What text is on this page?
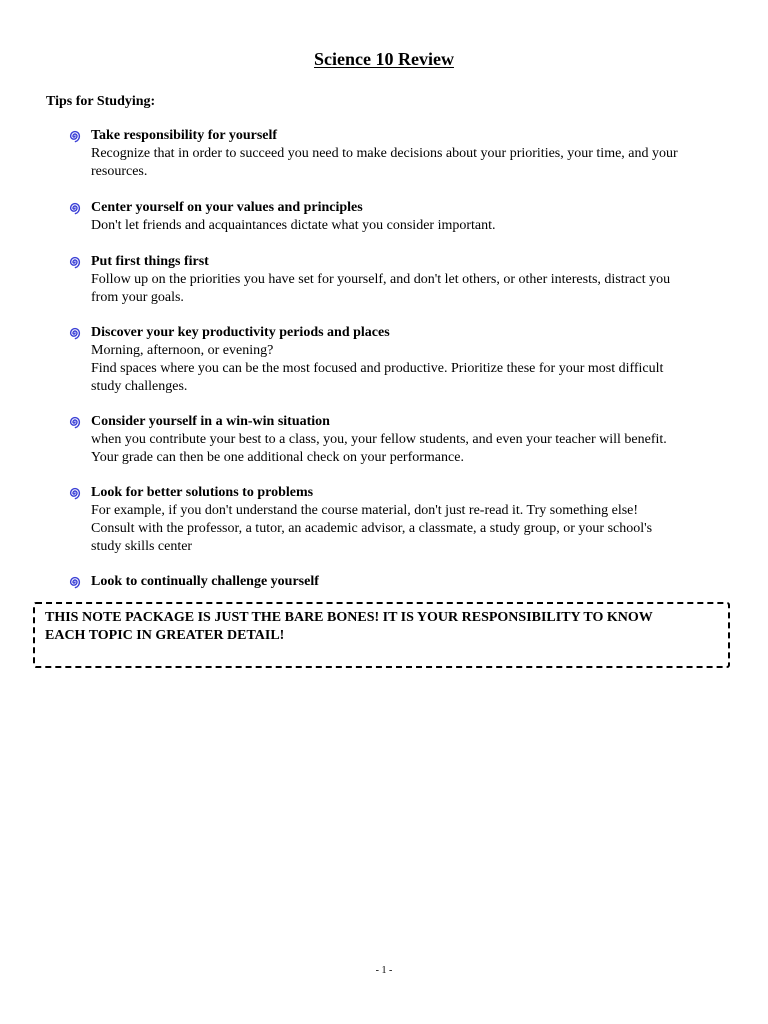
Science 10 Review
Tips for Studying:
Take responsibility for yourself
Recognize that in order to succeed you need to make decisions about your priorities, your time, and your
resources.
Center yourself on your values and principles
Don't let friends and acquaintances dictate what you consider important.
Put first things first
Follow up on the priorities you have set for yourself, and don't let others, or other interests, distract you
from your goals.
Discover your key productivity periods and places
Morning, afternoon, or evening?
Find spaces where you can be the most focused and productive. Prioritize these for your most difficult
study challenges.
Consider yourself in a win-win situation
when you contribute your best to a class, you, your fellow students, and even your teacher will benefit.
Your grade can then be one additional check on your performance.
Look for better solutions to problems
For example, if you don't understand the course material, don't just re-read it. Try something else!
Consult with the professor, a tutor, an academic advisor, a classmate, a study group, or your school's
study skills center
Look to continually challenge yourself
THIS NOTE PACKAGE IS JUST THE BARE BONES! IT IS YOUR RESPONSIBILITY TO KNOW
EACH TOPIC IN GREATER DETAIL!
- 1 -
